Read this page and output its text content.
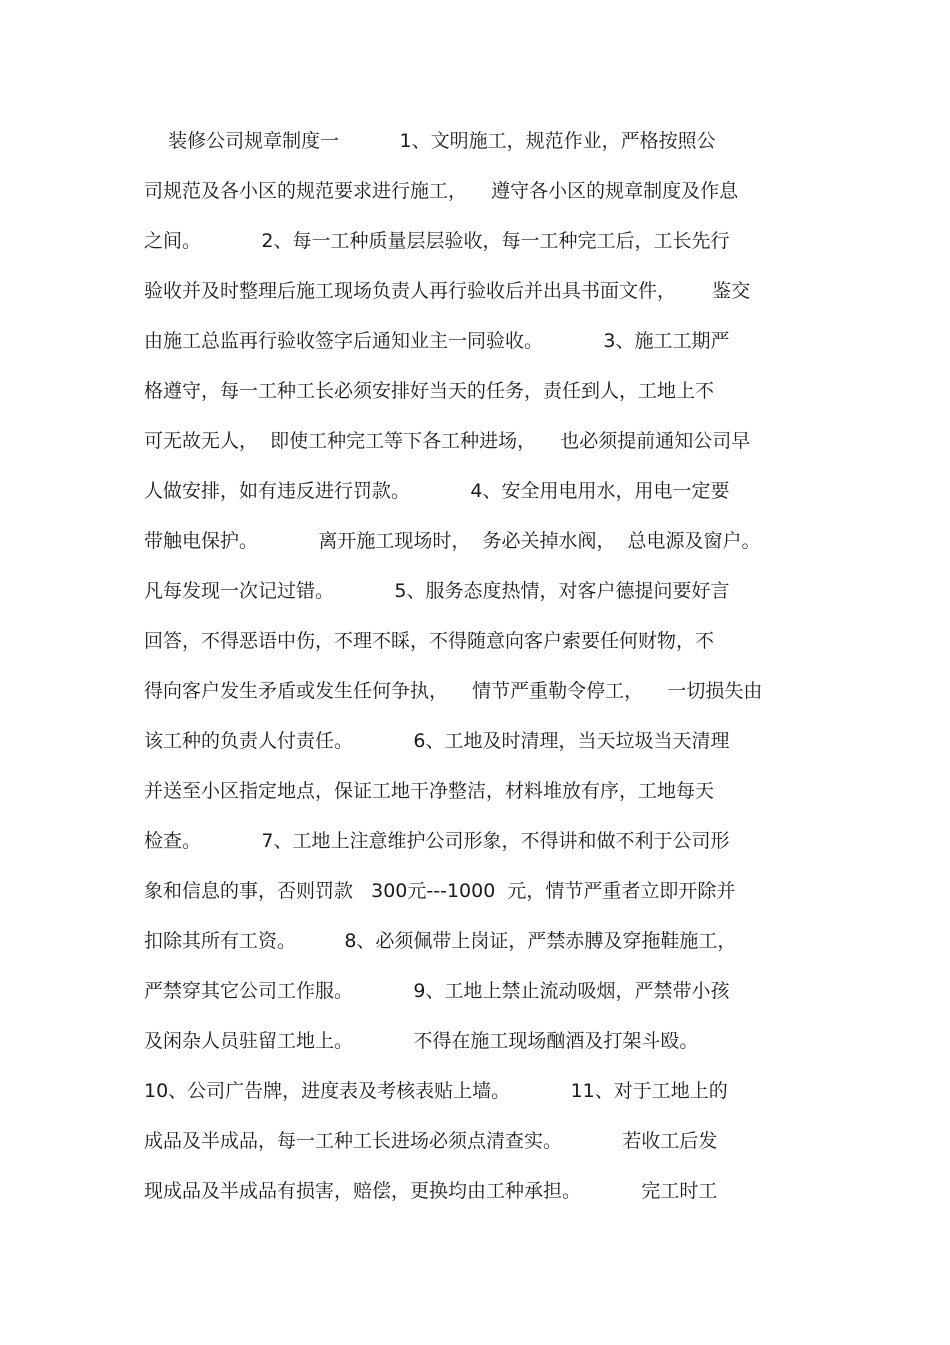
装修公司规章制度一          1、文明施工，规范作业，严格按照公
司规范及各小区的规范要求进行施工，    遵守各小区的规章制度及作息
之间。          2、每一工种质量层层验收，每一工种完工后，工长先行
验收并及时整理后施工现场负责人再行验收后并出具书面文件，      鉴交
由施工总监再行验收签字后通知业主一同验收。          3、施工工期严
格遵守，每一工种工长必须安排好当天的任务，责任到人，工地上不
可无故无人，  即使工种完工等下各工种进场，    也必须提前通知公司早
人做安排，如有违反进行罚款。          4、安全用电用水，用电一定要
带触电保护。          离开施工现场时，  务必关掉水阀，  总电源及窗户。
凡每发现一次记过错。          5、服务态度热情，对客户德提问要好言
回答，不得恶语中伤，不理不睬，不得随意向客户索要任何财物，不
得向客户发生矛盾或发生任何争执，    情节严重勒令停工，    一切损失由
该工种的负责人付责任。          6、工地及时清理，当天垃圾当天清理
并送至小区指定地点，保证工地干净整洁，材料堆放有序，工地每天
检查。          7、工地上注意维护公司形象，不得讲和做不利于公司形
象和信息的事，否则罚款   300元---1000  元，情节严重者立即开除并
扣除其所有工资。        8、必须佩带上岗证，严禁赤膊及穿拖鞋施工，
严禁穿其它公司工作服。          9、工地上禁止流动吸烟，严禁带小孩
及闲杂人员驻留工地上。          不得在施工现场酗酒及打架斗殴。
10、公司广告牌，进度表及考核表贴上墙。          11、对于工地上的
成品及半成品，每一工种工长进场必须点清查实。          若收工后发
现成品及半成品有损害，赔偿，更换均由工种承担。          完工时工
